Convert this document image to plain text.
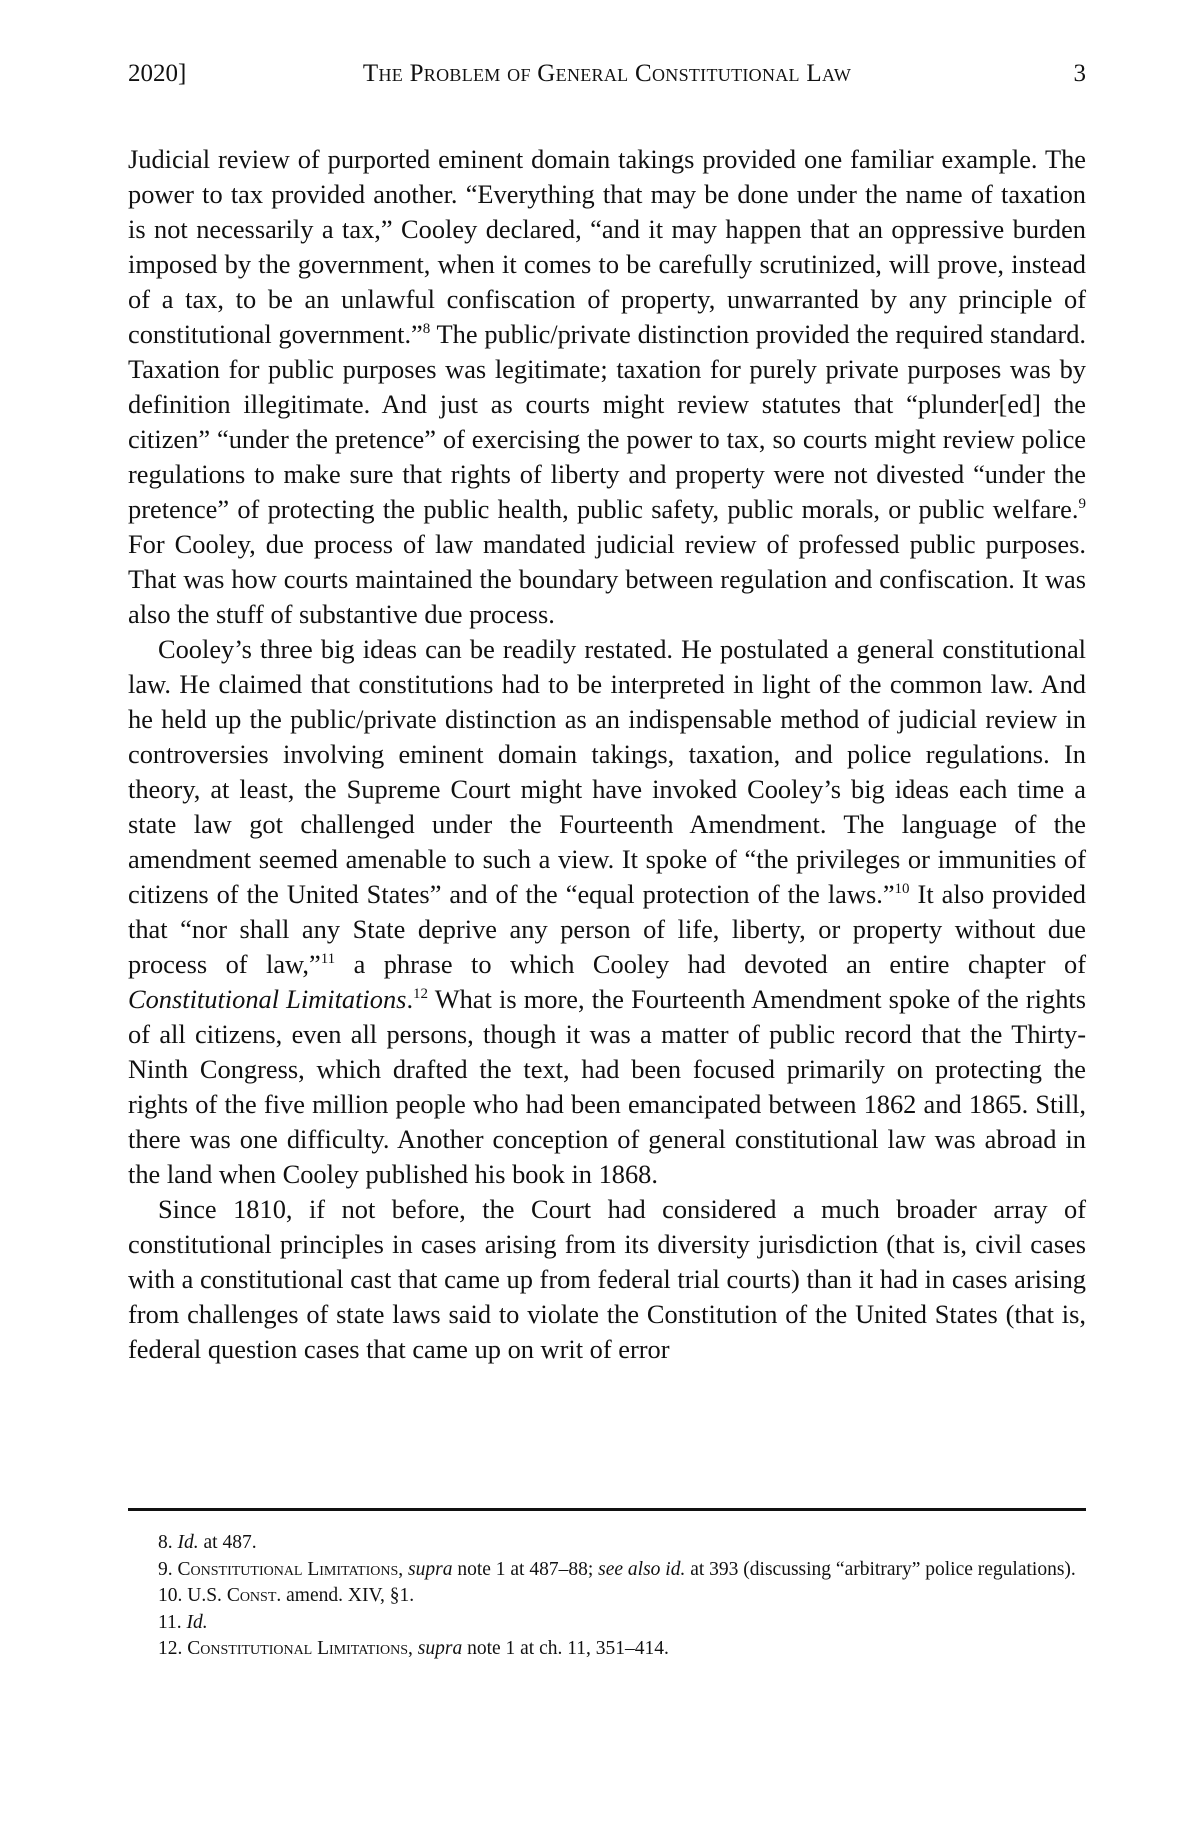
2020]	The Problem of General Constitutional Law	3

Judicial review of purported eminent domain takings provided one familiar example. The power to tax provided another. “Everything that may be done under the name of taxation is not necessarily a tax,” Cooley declared, “and it may happen that an oppressive burden imposed by the government, when it comes to be carefully scrutinized, will prove, instead of a tax, to be an unlawful confiscation of property, unwarranted by any principle of constitutional government.”$^8$ The public/private distinction provided the required standard. Taxation for public purposes was legitimate; taxation for purely private purposes was by definition illegitimate. And just as courts might review statutes that “plunder[ed] the citizen” “under the pretence” of exercising the power to tax, so courts might review police regulations to make sure that rights of liberty and property were not divested “under the pretence” of protecting the public health, public safety, public morals, or public welfare.$^9$ For Cooley, due process of law mandated judicial review of professed public purposes. That was how courts maintained the boundary between regulation and confiscation. It was also the stuff of substantive due process.

Cooley’s three big ideas can be readily restated. He postulated a general constitutional law. He claimed that constitutions had to be interpreted in light of the common law. And he held up the public/private distinction as an indispensable method of judicial review in controversies involving eminent domain takings, taxation, and police regulations. In theory, at least, the Supreme Court might have invoked Cooley’s big ideas each time a state law got challenged under the Fourteenth Amendment. The language of the amendment seemed amenable to such a view. It spoke of “the privileges or immunities of citizens of the United States” and of the “equal protection of the laws.”$^{10}$ It also provided that “nor shall any State deprive any person of life, liberty, or property without due process of law,”$^{11}$ a phrase to which Cooley had devoted an entire chapter of Constitutional Limitations.$^{12}$ What is more, the Fourteenth Amendment spoke of the rights of all citizens, even all persons, though it was a matter of public record that the Thirty-Ninth Congress, which drafted the text, had been focused primarily on protecting the rights of the five million people who had been emancipated between 1862 and 1865. Still, there was one difficulty. Another conception of general constitutional law was abroad in the land when Cooley published his book in 1868.

Since 1810, if not before, the Court had considered a much broader array of constitutional principles in cases arising from its diversity jurisdiction (that is, civil cases with a constitutional cast that came up from federal trial courts) than it had in cases arising from challenges of state laws said to violate the Constitution of the United States (that is, federal question cases that came up on writ of error

8. Id. at 487.

9. Constitutional Limitations, supra note 1 at 487–88; see also id. at 393 (discussing “arbitrary” police regulations).

10. U.S. Const. amend. XIV, §1.

11. Id.

12. Constitutional Limitations, supra note 1 at ch. 11, 351–414.
